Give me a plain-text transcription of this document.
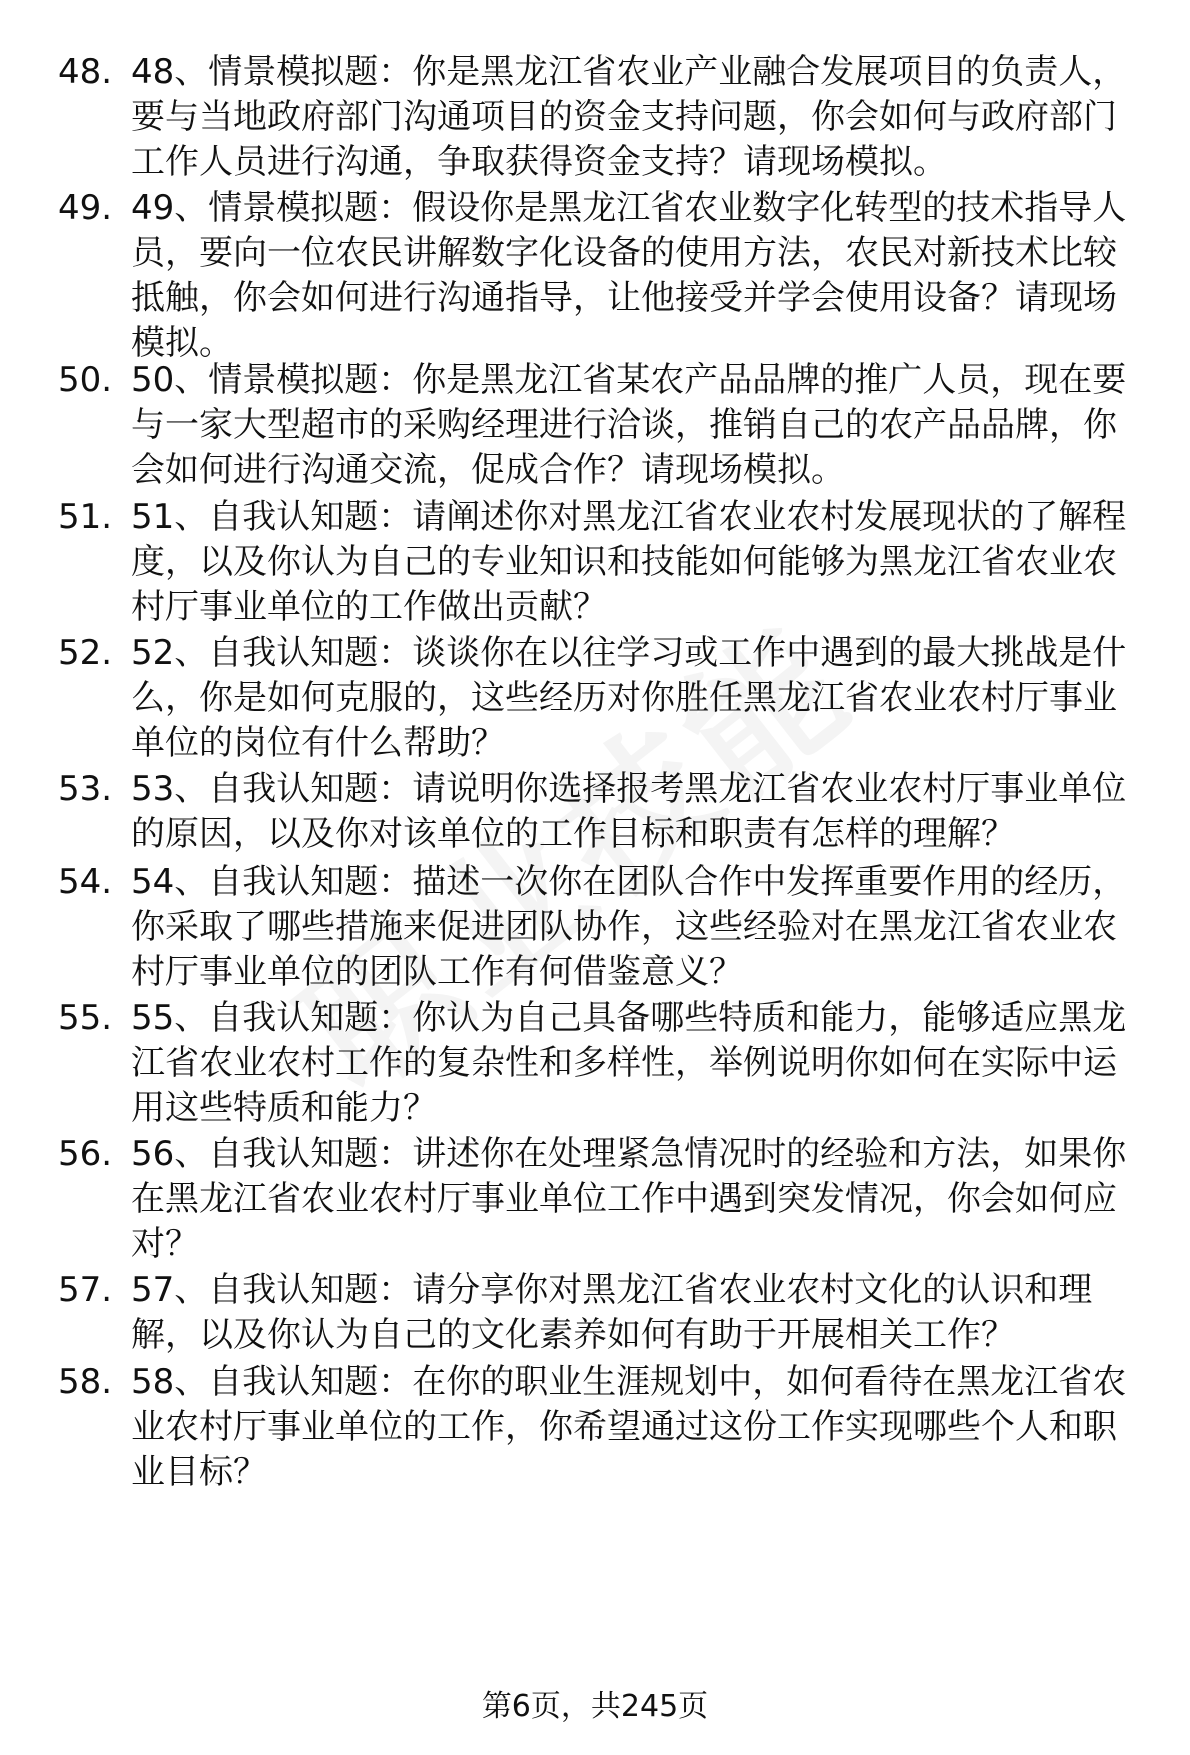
48. 48、情景模拟题：你是黑龙江省农业产业融合发展项目的负责人，要与当地政府部门沟通项目的资金支持问题，你会如何与政府部门工作人员进行沟通，争取获得资金支持？请现场模拟。
49. 49、情景模拟题：假设你是黑龙江省农业数字化转型的技术指导人员，要向一位农民讲解数字化设备的使用方法，农民对新技术比较抵触，你会如何进行沟通指导，让他接受并学会使用设备？请现场模拟。
50. 50、情景模拟题：你是黑龙江省某农产品品牌的推广人员，现在要与一家大型超市的采购经理进行洽谈，推销自己的农产品品牌，你会如何进行沟通交流，促成合作？请现场模拟。
51. 51、自我认知题：请阐述你对黑龙江省农业农村发展现状的了解程度，以及你认为自己的专业知识和技能如何能够为黑龙江省农业农村厅事业单位的工作做出贡献？
52. 52、自我认知题：谈谈你在以往学习或工作中遇到的最大挑战是什么，你是如何克服的，这些经历对你胜任黑龙江省农业农村厅事业单位的岗位有什么帮助？
53. 53、自我认知题：请说明你选择报考黑龙江省农业农村厅事业单位的原因，以及你对该单位的工作目标和职责有怎样的理解？
54. 54、自我认知题：描述一次你在团队合作中发挥重要作用的经历，你采取了哪些措施来促进团队协作，这些经验对在黑龙江省农业农村厅事业单位的团队工作有何借鉴意义？
55. 55、自我认知题：你认为自己具备哪些特质和能力，能够适应黑龙江省农业农村工作的复杂性和多样性，举例说明你如何在实际中运用这些特质和能力？
56. 56、自我认知题：讲述你在处理紧急情况时的经验和方法，如果你在黑龙江省农业农村厅事业单位工作中遇到突发情况，你会如何应对？
57. 57、自我认知题：请分享你对黑龙江省农业农村文化的认识和理解，以及你认为自己的文化素养如何有助于开展相关工作？
58. 58、自我认知题：在你的职业生涯规划中，如何看待在黑龙江省农业农村厅事业单位的工作，你希望通过这份工作实现哪些个人和职业目标？
第6页，共245页
